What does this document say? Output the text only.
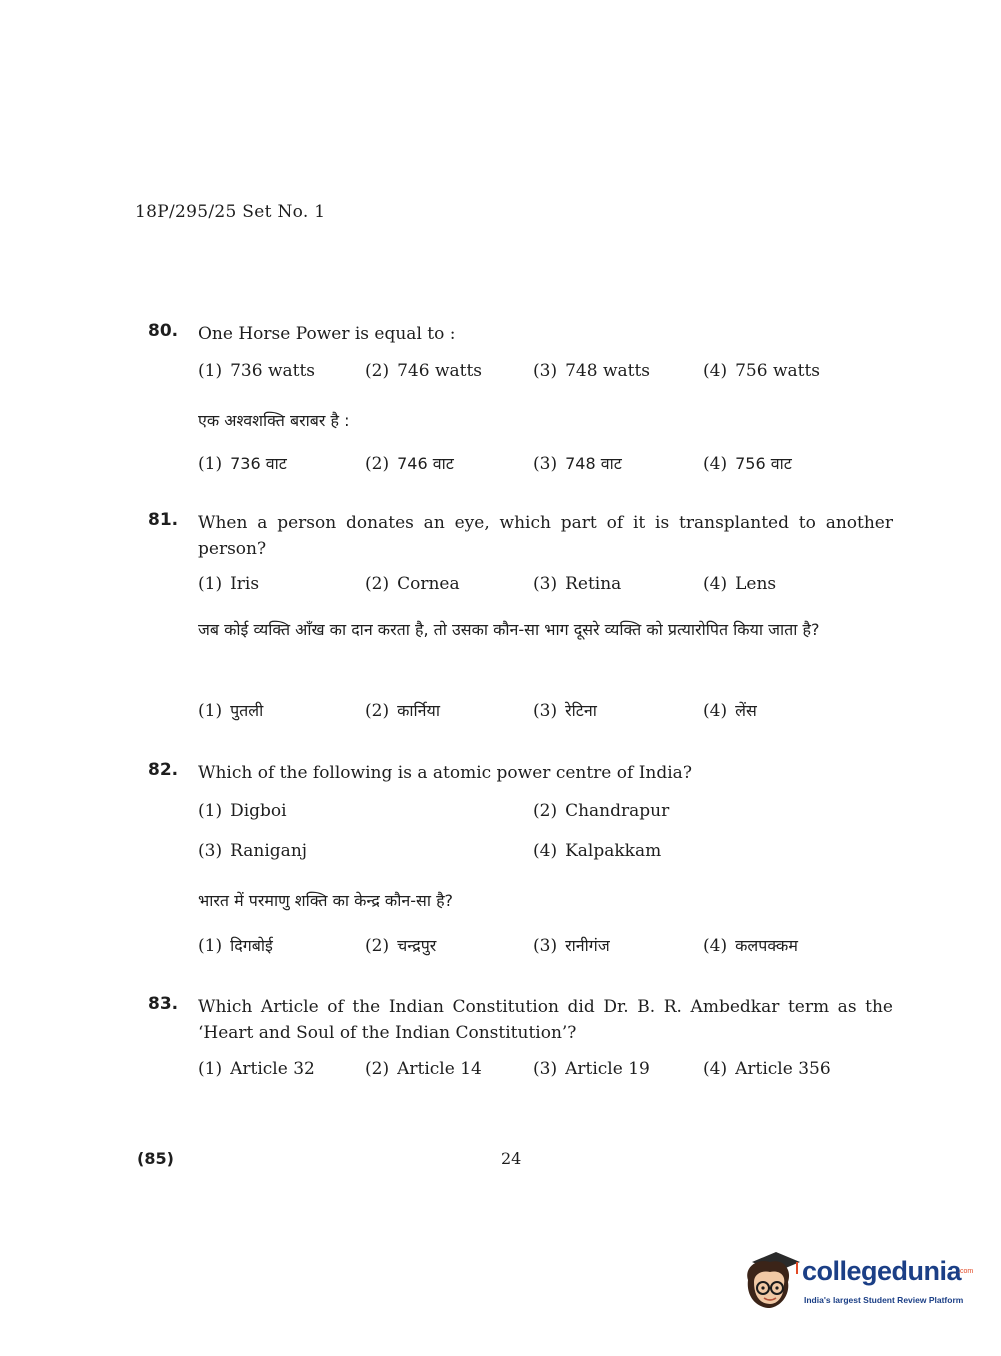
18P/295/25 Set No. 1
80. One Horse Power is equal to :
(1) 736 watts	(2) 746 watts	(3) 748 watts	(4) 756 watts
एक अश्वशक्ति बराबर है :
(1) 736 वाट	(2) 746 वाट	(3) 748 वाट	(4) 756 वाट
81. When a person donates an eye, which part of it is transplanted to another person?
(1) Iris	(2) Cornea	(3) Retina	(4) Lens
जब कोई व्यक्ति आँख का दान करता है, तो उसका कौन-सा भाग दूसरे व्यक्ति को प्रत्यारोपित किया जाता है?
(1) पुतली	(2) कार्निया	(3) रेटिना	(4) लेंस
82. Which of the following is a atomic power centre of India?
(1) Digboi	(2) Chandrapur
(3) Raniganj	(4) Kalpakkam
भारत में परमाणु शक्ति का केन्द्र कौन-सा है?
(1) दिगबोई	(2) चन्द्रपुर	(3) रानीगंज	(4) कलपक्कम
83. Which Article of the Indian Constitution did Dr. B. R. Ambedkar term as the ‘Heart and Soul of the Indian Constitution’?
(1) Article 32	(2) Article 14	(3) Article 19	(4) Article 356
(85)	24
collegedunia
.com
India's largest Student Review Platform
